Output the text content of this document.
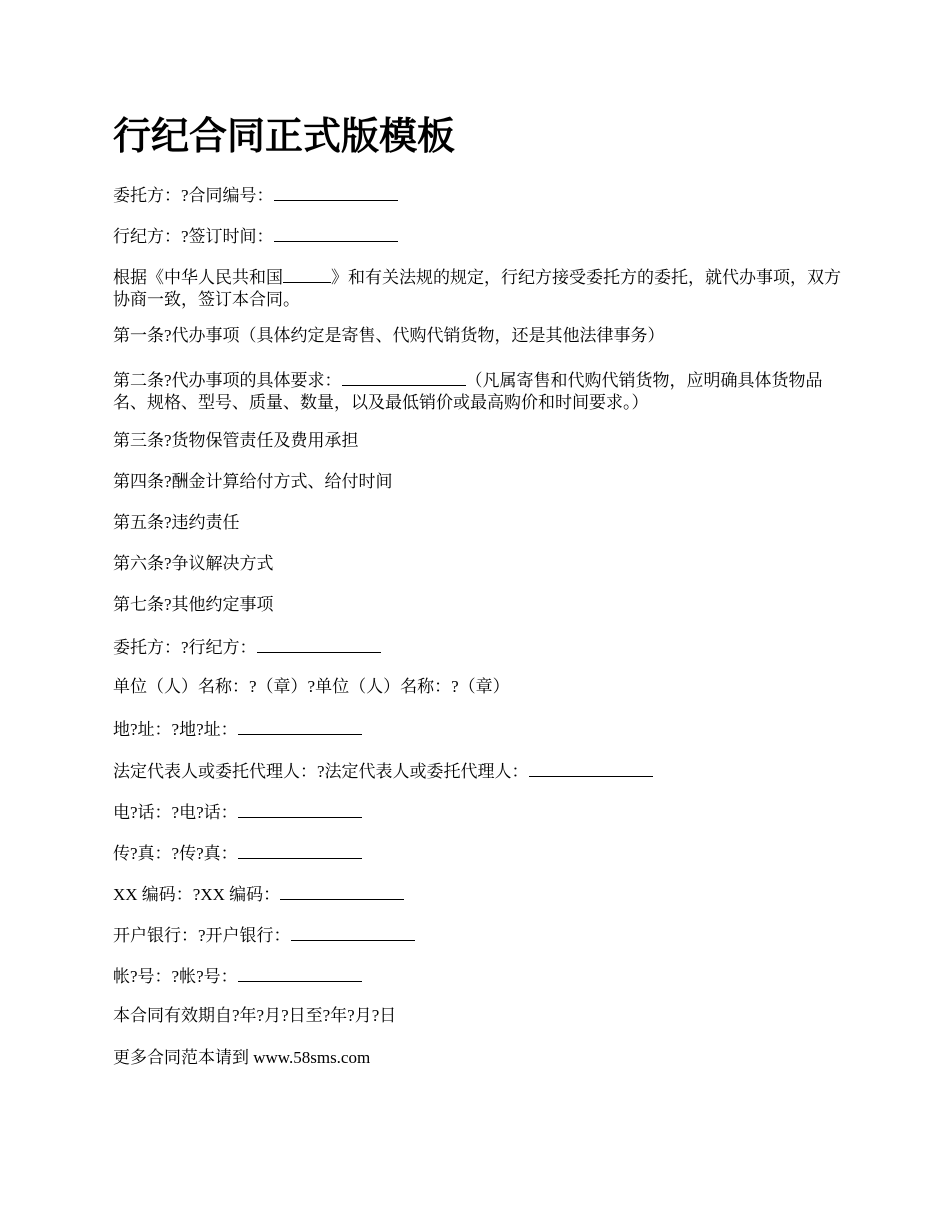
行纪合同正式版模板

委托方：?合同编号：

行纪方：?签订时间：

根据《中华人民共和国	》和有关法规的规定，行纪方接受委托方的委托，就代办事项，双方协商一致，签订本合同。

第一条?代办事项（具体约定是寄售、代购代销货物，还是其他法律事务）

第二条?代办事项的具体要求：	（凡属寄售和代购代销货物，应明确具体货物品名、规格、型号、质量、数量，以及最低销价或最高购价和时间要求。）

第三条?货物保管责任及费用承担

第四条?酬金计算给付方式、给付时间

第五条?违约责任

第六条?争议解决方式

第七条?其他约定事项

委托方：?行纪方：

单位（人）名称：?（章）?单位（人）名称：?（章）

地?址：?地?址：

法定代表人或委托代理人：?法定代表人或委托代理人：

电?话：?电?话：

传?真：?传?真：

XX 编码：?XX 编码：

开户银行：?开户银行：

帐?号：?帐?号：

本合同有效期自?年?月?日至?年?月?日

更多合同范本请到 www.58sms.com
